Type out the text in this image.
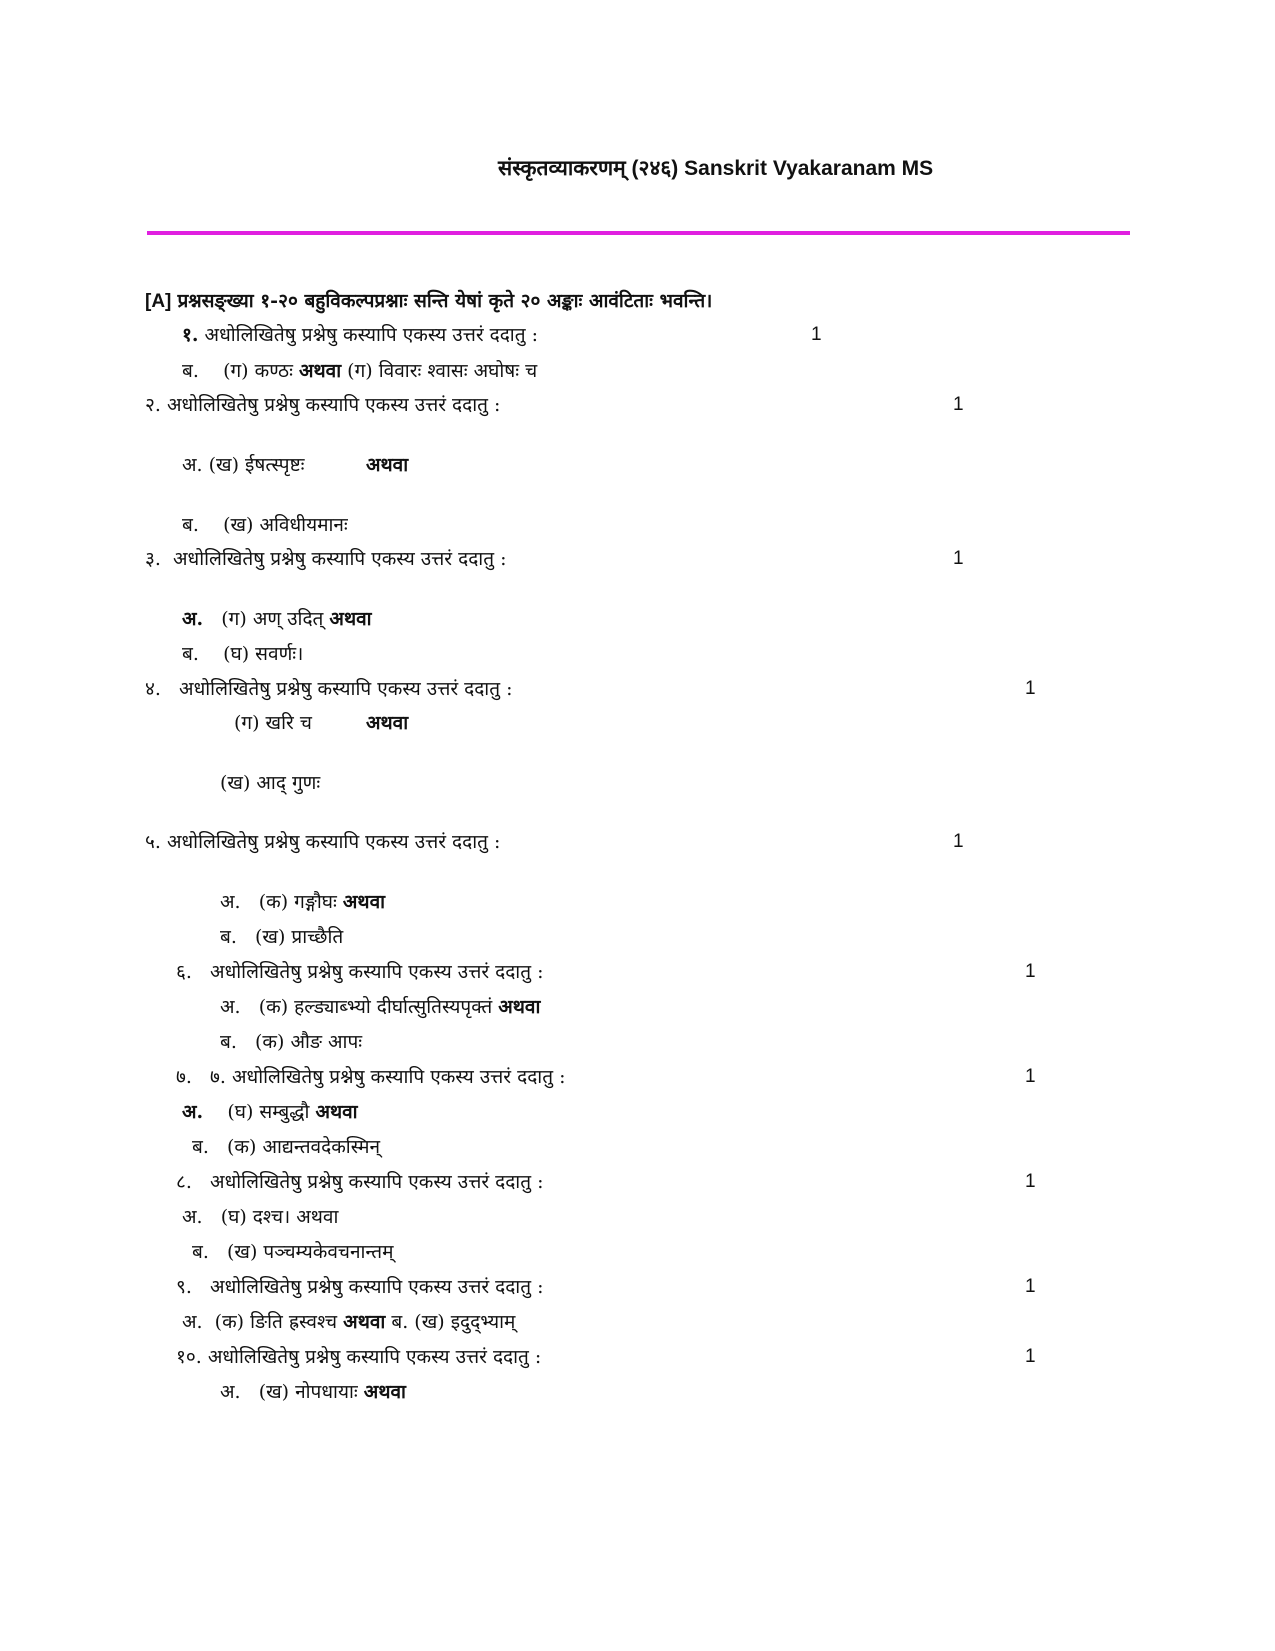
संस्कृतव्याकरणम् (२४६) Sanskrit Vyakaranam MS
[A] प्रश्नसङ्ख्या १-२० बहुविकल्पप्रश्नाः सन्ति येषां कृते २० अङ्काः आवंटिताः भवन्ति।
१. अधोलिखितेषु प्रश्नेषु कस्यापि एकस्य उत्तरं ददातु :	1
ब. (ग) कण्ठः अथवा (ग) विवारः श्वासः अघोषः च
२. अधोलिखितेषु प्रश्नेषु कस्यापि एकस्य उत्तरं ददातु :	1
अ. (ख) ईषत्स्पृष्टः	अथवा
ब. (ख) अविधीयमानः
३. अधोलिखितेषु प्रश्नेषु कस्यापि एकस्य उत्तरं ददातु :	1
अ. (ग) अण् उदित् अथवा
ब. (घ) सवर्णः।
४. अधोलिखितेषु प्रश्नेषु कस्यापि एकस्य उत्तरं ददातु :	1
(ग) खरि च	अथवा
(ख) आद् गुणः
५. अधोलिखितेषु प्रश्नेषु कस्यापि एकस्य उत्तरं ददातु :	1
अ. (क) गङ्गौघः अथवा
ब. (ख) प्राच्छैति
६. अधोलिखितेषु प्रश्नेषु कस्यापि एकस्य उत्तरं ददातु :	1
अ. (क) हल्ड्याब्भ्यो दीर्घात्सुतिस्यपृक्तं अथवा
ब. (क) औङ आपः
७. ७. अधोलिखितेषु प्रश्नेषु कस्यापि एकस्य उत्तरं ददातु :	1
अ. (घ) सम्बुद्धौ अथवा
ब. (क) आद्यन्तवदेकस्मिन्
८. अधोलिखितेषु प्रश्नेषु कस्यापि एकस्य उत्तरं ददातु :	1
अ. (घ) दश्च। अथवा
ब. (ख) पञ्चम्यकेवचनान्तम्
९. अधोलिखितेषु प्रश्नेषु कस्यापि एकस्य उत्तरं ददातु :	1
अ. (क) ङिति ह्रस्वश्च अथवा ब. (ख) इदुद्भ्याम्
१०. अधोलिखितेषु प्रश्नेषु कस्यापि एकस्य उत्तरं ददातु :	1
अ. (ख) नोपधायाः अथवा
